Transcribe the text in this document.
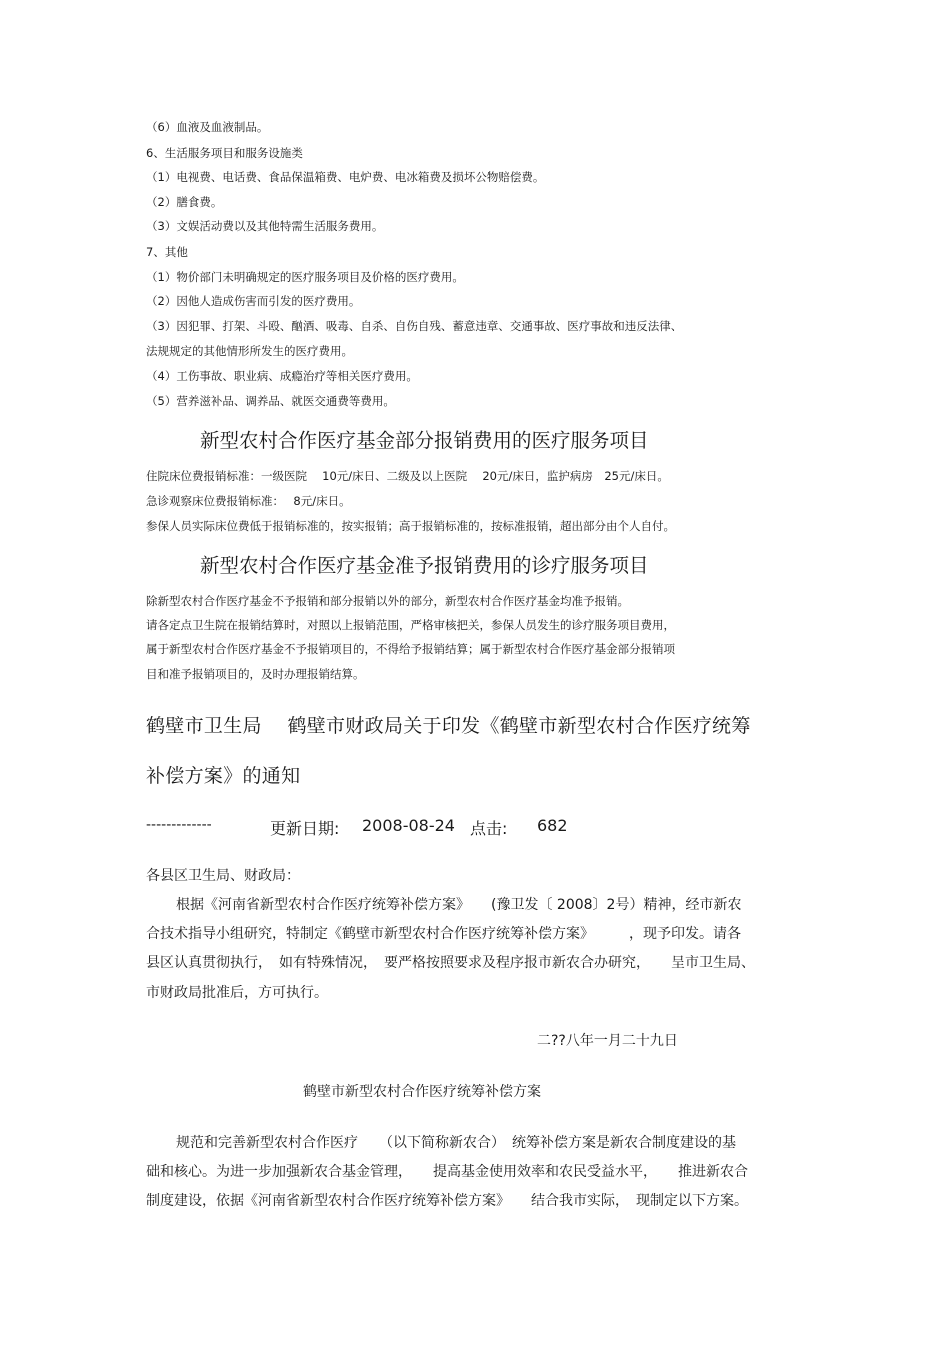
（6）血液及血液制品。
6、生活服务项目和服务设施类
（1）电视费、电话费、食品保温箱费、电炉费、电冰箱费及损坏公物赔偿费。
（2）膳食费。
（3）文娱活动费以及其他特需生活服务费用。
7、其他
（1）物价部门未明确规定的医疗服务项目及价格的医疗费用。
（2）因他人造成伤害而引发的医疗费用。
（3）因犯罪、打架、斗殴、酗酒、吸毒、自杀、自伤自残、蓄意违章、交通事故、医疗事故和违反法律、
法规规定的其他情形所发生的医疗费用。
（4）工伤事故、职业病、成瘾治疗等相关医疗费用。
（5）营养滋补品、调养品、就医交通费等费用。
新型农村合作医疗基金部分报销费用的医疗服务项目
住院床位费报销标准：一级医院　 10元/床日、二级及以上医院　 20元/床日，监护病房　25元/床日。
急诊观察床位费报销标准：　 8元/床日。
参保人员实际床位费低于报销标准的，按实报销；高于报销标准的，按标准报销，超出部分由个人自付。
新型农村合作医疗基金准予报销费用的诊疗服务项目
除新型农村合作医疗基金不予报销和部分报销以外的部分，新型农村合作医疗基金均准予报销。
请各定点卫生院在报销结算时，对照以上报销范围，严格审核把关，参保人员发生的诊疗服务项目费用，
属于新型农村合作医疗基金不予报销项目的，不得给予报销结算；属于新型农村合作医疗基金部分报销项
目和准予报销项目的，及时办理报销结算。
鹤壁市卫生局　 鹤壁市财政局关于印发《鹤壁市新型农村合作医疗统筹
补偿方案》的通知
-------------	更新日期: 2008-08-24 点击: 682
各县区卫生局、财政局：
根据《河南省新型农村合作医疗统筹补偿方案》　　(豫卫发〔 2008〕2号）精神，经市新农
合技术指导小组研究，特制定《鹤壁市新型农村合作医疗统筹补偿方案》　　　，现予印发。请各
县区认真贯彻执行，　如有特殊情况，　要严格按照要求及程序报市新农合办研究，　　呈市卫生局、
市财政局批准后，方可执行。
二??八年一月二十九日
鹤壁市新型农村合作医疗统筹补偿方案
规范和完善新型农村合作医疗　　（以下简称新农合）　统筹补偿方案是新农合制度建设的基
础和核心。为进一步加强新农合基金管理，　　提高基金使用效率和农民受益水平，　　推进新农合
制度建设，依据《河南省新型农村合作医疗统筹补偿方案》　　结合我市实际，　现制定以下方案。
